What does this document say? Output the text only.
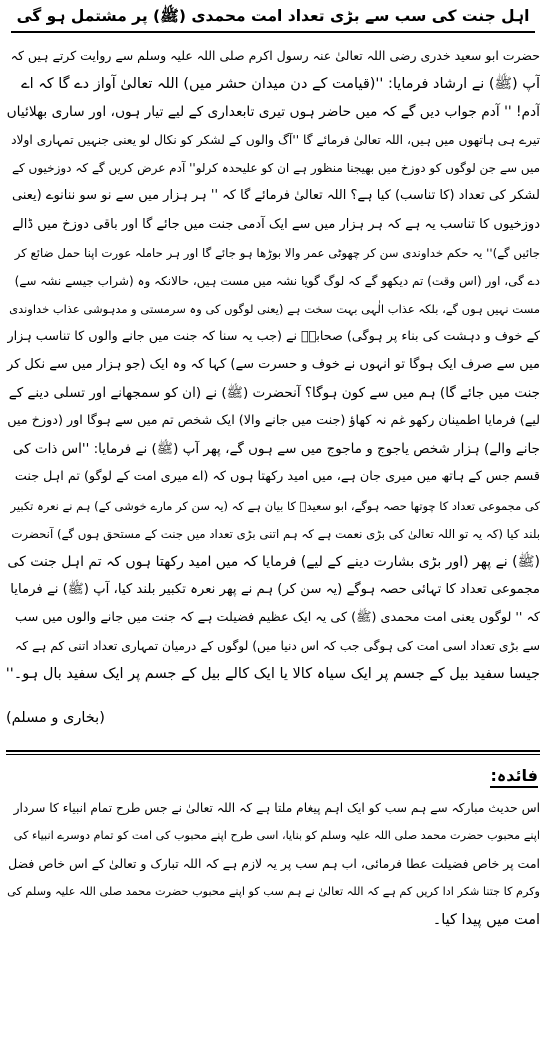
اہل جنت کی سب سے بڑی تعداد امت محمدی (ﷺ) پر مشتمل ہو گی
حضرت ابو سعید خدری رضی اللہ تعالیٰ عنہ رسول اکرم صلی اللہ علیہ وسلم سے روایت کرتے ہیں کہ
آپ (ﷺ) نے ارشاد فرمایا: ''(قیامت کے دن میدان حشر میں) اللہ تعالیٰ آواز دے گا کہ اے
آدم! '' آدم جواب دیں گے کہ میں حاضر ہوں تیری تابعداری کے لیے تیار ہوں، اور ساری بھلائیاں
تیرے ہی ہاتھوں میں ہیں، اللہ تعالیٰ فرمائے گا ''آگ والوں کے لشکر کو نکال لو یعنی جنہیں تمہاری اولاد
میں سے جن لوگوں کو دوزخ میں بھیجنا منظور ہے ان کو علیحدہ کرلو'' آدم عرض کریں گے کہ دوزخیوں کے
لشکر کی تعداد (کا تناسب) کیا ہے؟ اللہ تعالیٰ فرمائے گا کہ '' ہر ہزار میں سے نو سو ننانوے (یعنی
دوزخیوں کا تناسب یہ ہے کہ ہر ہزار میں سے ایک آدمی جنت میں جائے گا اور باقی دوزخ میں ڈالے
جائیں گے)'' یہ حکم خداوندی سن کر چھوٹی عمر والا بوڑھا ہو جائے گا اور ہر حاملہ عورت اپنا حمل ضائع کر
دے گی، اور (اس وقت) تم دیکھو گے کہ لوگ گویا نشہ میں مست ہیں، حالانکہ وہ (شراب جیسے نشہ سے)
مست نہیں ہوں گے، بلکہ عذاب الٰہی بہت سخت ہے (یعنی لوگوں کی وہ سرمستی و مدہوشی عذاب خداوندی
کے خوف و دہشت کی بناء پر ہوگی) صحابہؓ نے (جب یہ سنا کہ جنت میں جانے والوں کا تناسب ہزار
میں سے صرف ایک ہوگا تو انہوں نے خوف و حسرت سے) کہا کہ وہ ایک (جو ہزار میں سے نکل کر
جنت میں جائے گا) ہم میں سے کون ہوگا؟ آنحضرت (ﷺ) نے (ان کو سمجھانے اور تسلی دینے کے
لیے) فرمایا اطمینان رکھو غم نہ کھاؤ (جنت میں جانے والا) ایک شخص تم میں سے ہوگا اور (دوزخ میں
جانے والے) ہزار شخص یاجوج و ماجوج میں سے ہوں گے، پھر آپ (ﷺ) نے فرمایا: ''اس ذات کی
قسم جس کے ہاتھ میں میری جان ہے، میں امید رکھتا ہوں کہ (اے میری امت کے لوگو) تم اہل جنت
کی مجموعی تعداد کا چوتھا حصہ ہوگے، ابو سعیدؓ کا بیان ہے کہ (یہ سن کر مارے خوشی کے) ہم نے نعرہ تکبیر
بلند کیا (کہ یہ تو اللہ تعالیٰ کی بڑی نعمت ہے کہ ہم اتنی بڑی تعداد میں جنت کے مستحق ہوں گے) آنحضرت
(ﷺ) نے پھر (اور بڑی بشارت دینے کے لیے) فرمایا کہ میں امید رکھتا ہوں کہ تم اہل جنت کی
مجموعی تعداد کا تہائی حصہ ہوگے (یہ سن کر) ہم نے پھر نعرہ تکبیر بلند کیا، آپ (ﷺ) نے فرمایا
کہ '' لوگوں یعنی امت محمدی (ﷺ) کی یہ ایک عظیم فضیلت ہے کہ جنت میں جانے والوں میں سب
سے بڑی تعداد اسی امت کی ہوگی جب کہ اس دنیا میں) لوگوں کے درمیان تمہاری تعداد اتنی کم ہے کہ
جیسا سفید بیل کے جسم پر ایک سیاہ کالا یا ایک کالے بیل کے جسم پر ایک سفید بال ہو۔''
(بخاری و مسلم)
فائدہ:
اس حدیث مبارکہ سے ہم سب کو ایک اہم پیغام ملتا ہے کہ اللہ تعالیٰ نے جس طرح تمام انبیاء کا سردار
اپنے محبوب حضرت محمد صلی اللہ علیہ وسلم کو بنایا، اسی طرح اپنے محبوب کی امت کو تمام دوسرے انبیاء کی
امت پر خاص فضیلت عطا فرمائی، اب ہم سب پر یہ لازم ہے کہ اللہ تبارک و تعالیٰ کے اس خاص فضل
وکرم کا جتنا شکر ادا کریں کم ہے کہ اللہ تعالیٰ نے ہم سب کو اپنے محبوب حضرت محمد صلی اللہ علیہ وسلم کی
امت میں پیدا کیا۔
